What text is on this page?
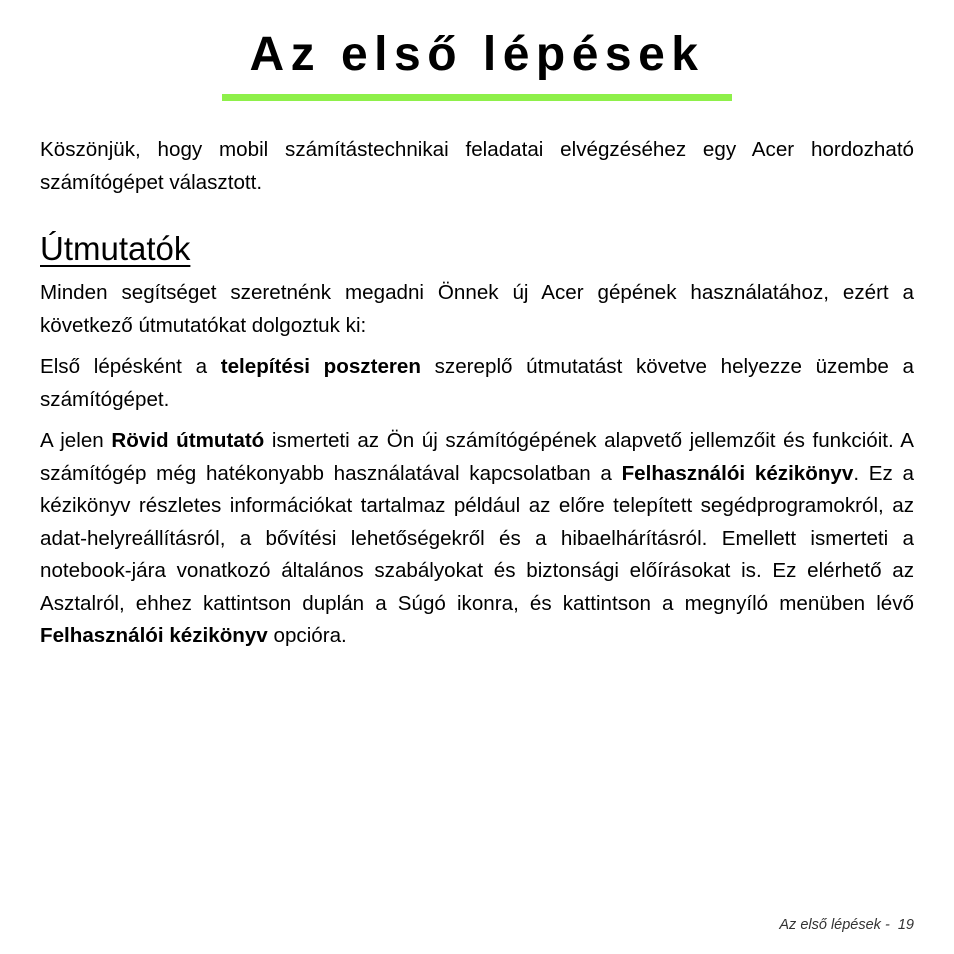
Az első lépések

Köszönjük, hogy mobil számítástechnikai feladatai elvégzéséhez egy Acer hordozható számítógépet választott.

Útmutatók

Minden segítséget szeretnénk megadni Önnek új Acer gépének használatához, ezért a következő útmutatókat dolgoztuk ki:

Első lépésként a telepítési poszteren szereplő útmutatást követve helyezze üzembe a számítógépet.

A jelen Rövid útmutató ismerteti az Ön új számítógépének alapvető jellemzőit és funkcióit. A számítógép még hatékonyabb használatával kapcsolatban a Felhasználói kézikönyv. Ez a kézikönyv részletes információkat tartalmaz például az előre telepített segédprogramokról, az adat-helyreállításról, a bővítési lehetőségekről és a hibaelhárításról. Emellett ismerteti a notebook-jára vonatkozó általános szabályokat és biztonsági előírásokat is. Ez elérhető az Asztalról, ehhez kattintson duplán a Súgó ikonra, és kattintson a megnyíló menüben lévő Felhasználói kézikönyv opcióra.

Az első lépések -  19
